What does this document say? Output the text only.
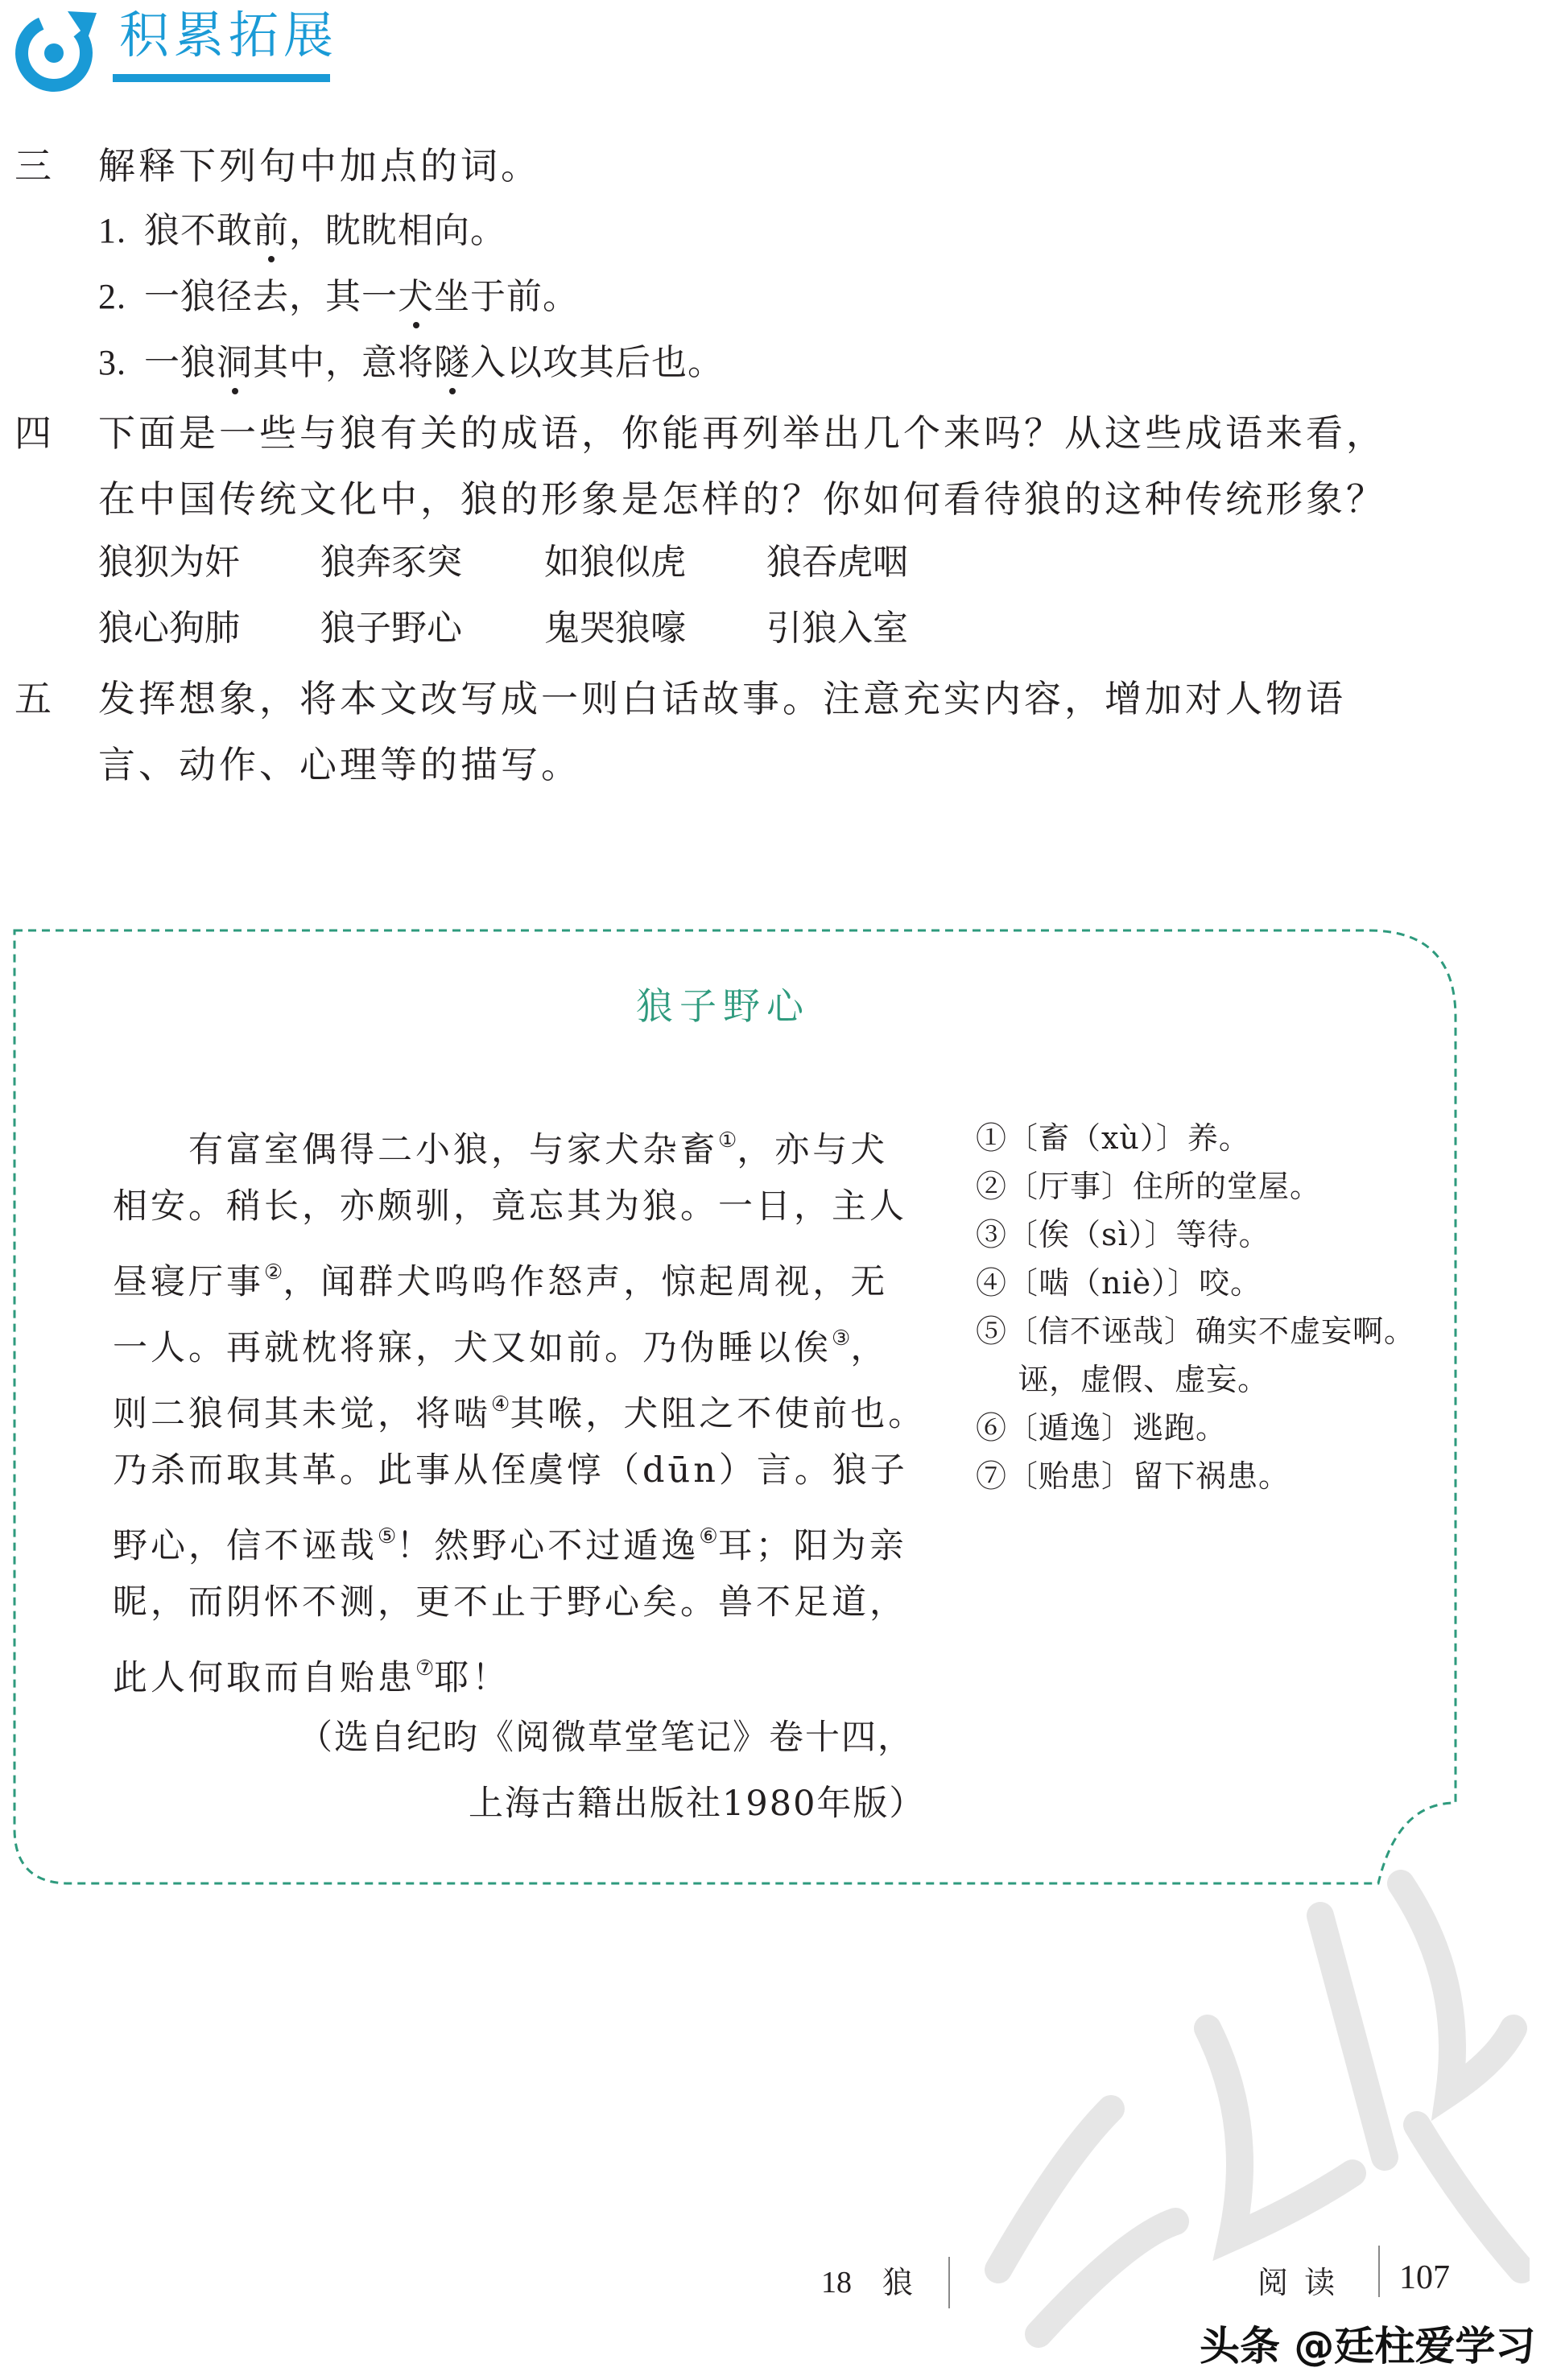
积累拓展
三 解释下列句中加点的词。
1. 狼不敢前，眈眈相向。
2. 一狼径去，其一犬坐于前。
3. 一狼洞其中，意将隧入以攻其后也。
四 下面是一些与狼有关的成语，你能再列举出几个来吗？从这些成语来看，
在中国传统文化中，狼的形象是怎样的？你如何看待狼的这种传统形象？
狼狈为奸 狼奔豕突 如狼似虎 狼吞虎咽
狼心狗肺 狼子野心 鬼哭狼嚎 引狼入室
五 发挥想象，将本文改写成一则白话故事。注意充实内容，增加对人物语
言、动作、心理等的描写。
狼子野心
　　有富室偶得二小狼，与家犬杂畜①，亦与犬
相安。稍长，亦颇驯，竟忘其为狼。一日，主人
昼寝厅事②，闻群犬呜呜作怒声，惊起周视，无
一人。再就枕将寐，犬又如前。乃伪睡以俟③，
则二狼伺其未觉，将啮④其喉，犬阻之不使前也。
乃杀而取其革。此事从侄虞惇（dūn）言。狼子
野心，信不诬哉⑤！然野心不过遁逸⑥耳；阳为亲
昵，而阴怀不测，更不止于野心矣。兽不足道，
此人何取而自贻患⑦耶！
（选自纪昀《阅微草堂笔记》卷十四，
上海古籍出版社1980年版）
①〔畜（xù）〕养。
②〔厅事〕住所的堂屋。
③〔俟（sì）〕等待。
④〔啮（niè）〕咬。
⑤〔信不诬哉〕确实不虚妄啊。
　 诬，虚假、虚妄。
⑥〔遁逸〕逃跑。
⑦〔贻患〕留下祸患。
18 狼	阅 读 107
头条 @廷柱爱学习
